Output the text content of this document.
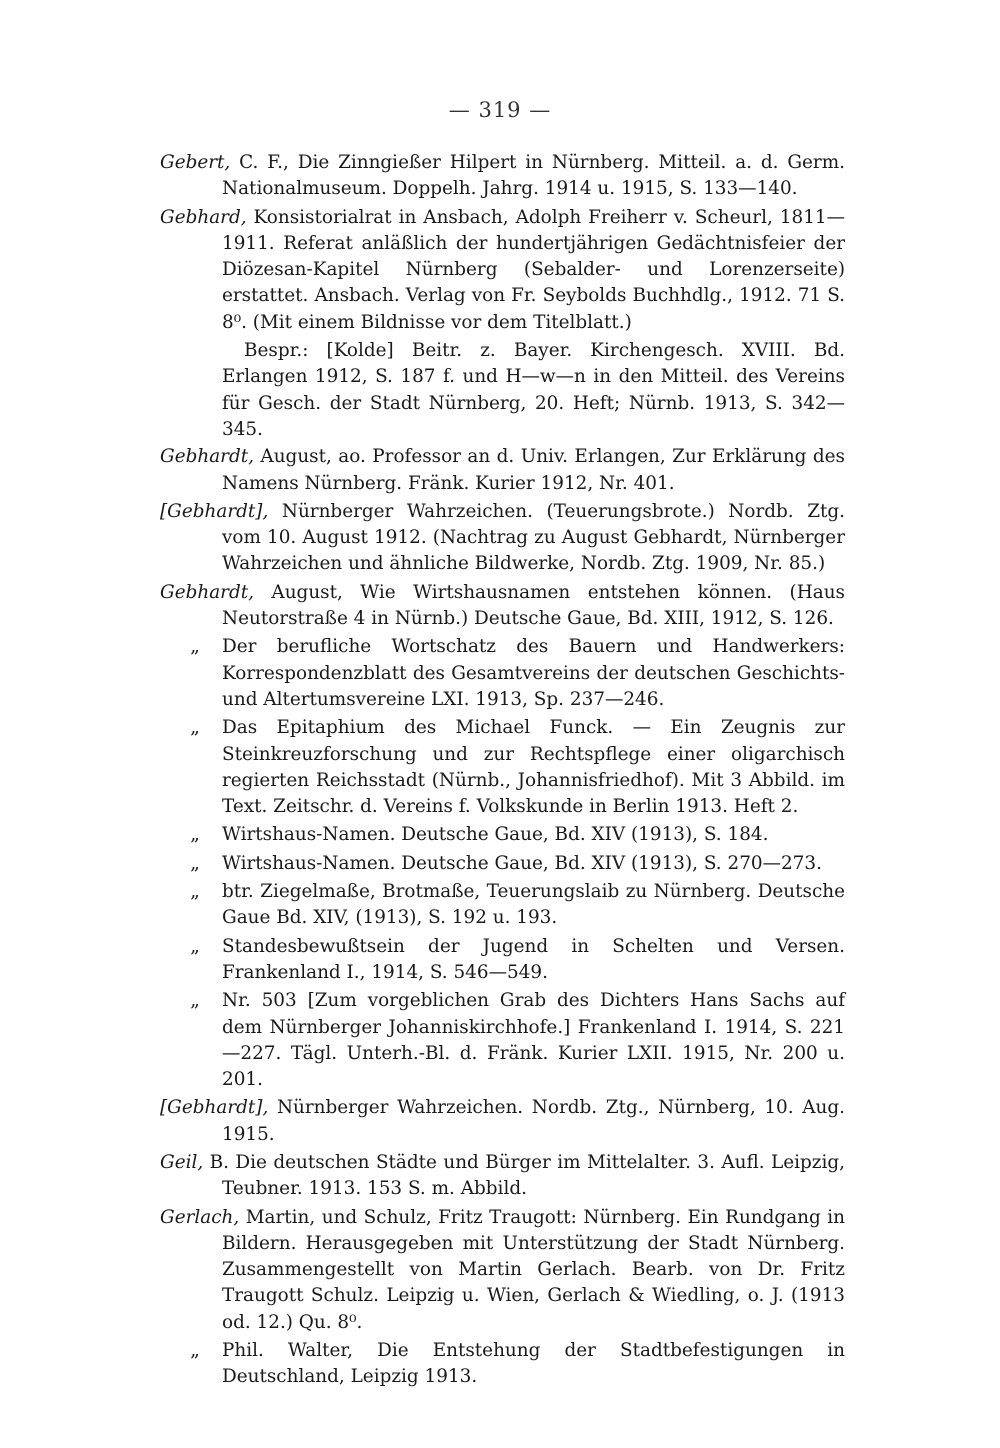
— 319 —

Gebert, C. F., Die Zinngießer Hilpert in Nürnberg. Mitteil. a. d. Germ. Nationalmuseum. Doppelh. Jahrg. 1914 u. 1915, S. 133—140.

Gebhard, Konsistorialrat in Ansbach, Adolph Freiherr v. Scheurl, 1811—1911. Referat anläßlich der hundertjährigen Gedächtnisfeier der Diözesan-Kapitel Nürnberg (Sebalder- und Lorenzerseite) erstattet. Ansbach. Verlag von Fr. Seybolds Buchhdlg., 1912. 71 S. 8⁰. (Mit einem Bildnisse vor dem Titelblatt.)

Bespr.: [Kolde] Beitr. z. Bayer. Kirchengesch. XVIII. Bd. Erlangen 1912, S. 187 f. und H—w—n in den Mitteil. des Vereins für Gesch. der Stadt Nürnberg, 20. Heft; Nürnb. 1913, S. 342—345.

Gebhardt, August, ao. Professor an d. Univ. Erlangen, Zur Erklärung des Namens Nürnberg. Fränk. Kurier 1912, Nr. 401.

[Gebhardt], Nürnberger Wahrzeichen. (Teuerungsbrote.) Nordb. Ztg. vom 10. August 1912. (Nachtrag zu August Gebhardt, Nürnberger Wahrzeichen und ähnliche Bildwerke, Nordb. Ztg. 1909, Nr. 85.)

Gebhardt, August, Wie Wirtshausnamen entstehen können. (Haus Neutorstraße 4 in Nürnb.) Deutsche Gaue, Bd. XIII, 1912, S. 126.

„	Der berufliche Wortschatz des Bauern und Handwerkers: Korrespondenzblatt des Gesamtvereins der deutschen Geschichts- und Altertumsvereine LXI. 1913, Sp. 237—246.

„	Das Epitaphium des Michael Funck. — Ein Zeugnis zur Steinkreuzforschung und zur Rechtspflege einer oligarchisch regierten Reichsstadt (Nürnb., Johannisfriedhof). Mit 3 Abbild. im Text. Zeitschr. d. Vereins f. Volkskunde in Berlin 1913. Heft 2.

„	Wirtshaus-Namen. Deutsche Gaue, Bd. XIV (1913), S. 184.

„	Wirtshaus-Namen. Deutsche Gaue, Bd. XIV (1913), S. 270—273.

„	btr. Ziegelmaße, Brotmaße, Teuerungslaib zu Nürnberg. Deutsche Gaue Bd. XIV, (1913), S. 192 u. 193.

„	Standesbewußtsein der Jugend in Schelten und Versen. Frankenland I., 1914, S. 546—549.

„	Nr. 503 [Zum vorgeblichen Grab des Dichters Hans Sachs auf dem Nürnberger Johanniskirchhofe.] Frankenland I. 1914, S. 221—227. Tägl. Unterh.-Bl. d. Fränk. Kurier LXII. 1915, Nr. 200 u. 201.

[Gebhardt], Nürnberger Wahrzeichen. Nordb. Ztg., Nürnberg, 10. Aug. 1915.

Geil, B. Die deutschen Städte und Bürger im Mittelalter. 3. Aufl. Leipzig, Teubner. 1913. 153 S. m. Abbild.

Gerlach, Martin, und Schulz, Fritz Traugott: Nürnberg. Ein Rundgang in Bildern. Herausgegeben mit Unterstützung der Stadt Nürnberg. Zusammengestellt von Martin Gerlach. Bearb. von Dr. Fritz Traugott Schulz. Leipzig u. Wien, Gerlach & Wiedling, o. J. (1913 od. 12.) Qu. 8⁰.

„	Phil. Walter, Die Entstehung der Stadtbefestigungen in Deutschland, Leipzig 1913.
